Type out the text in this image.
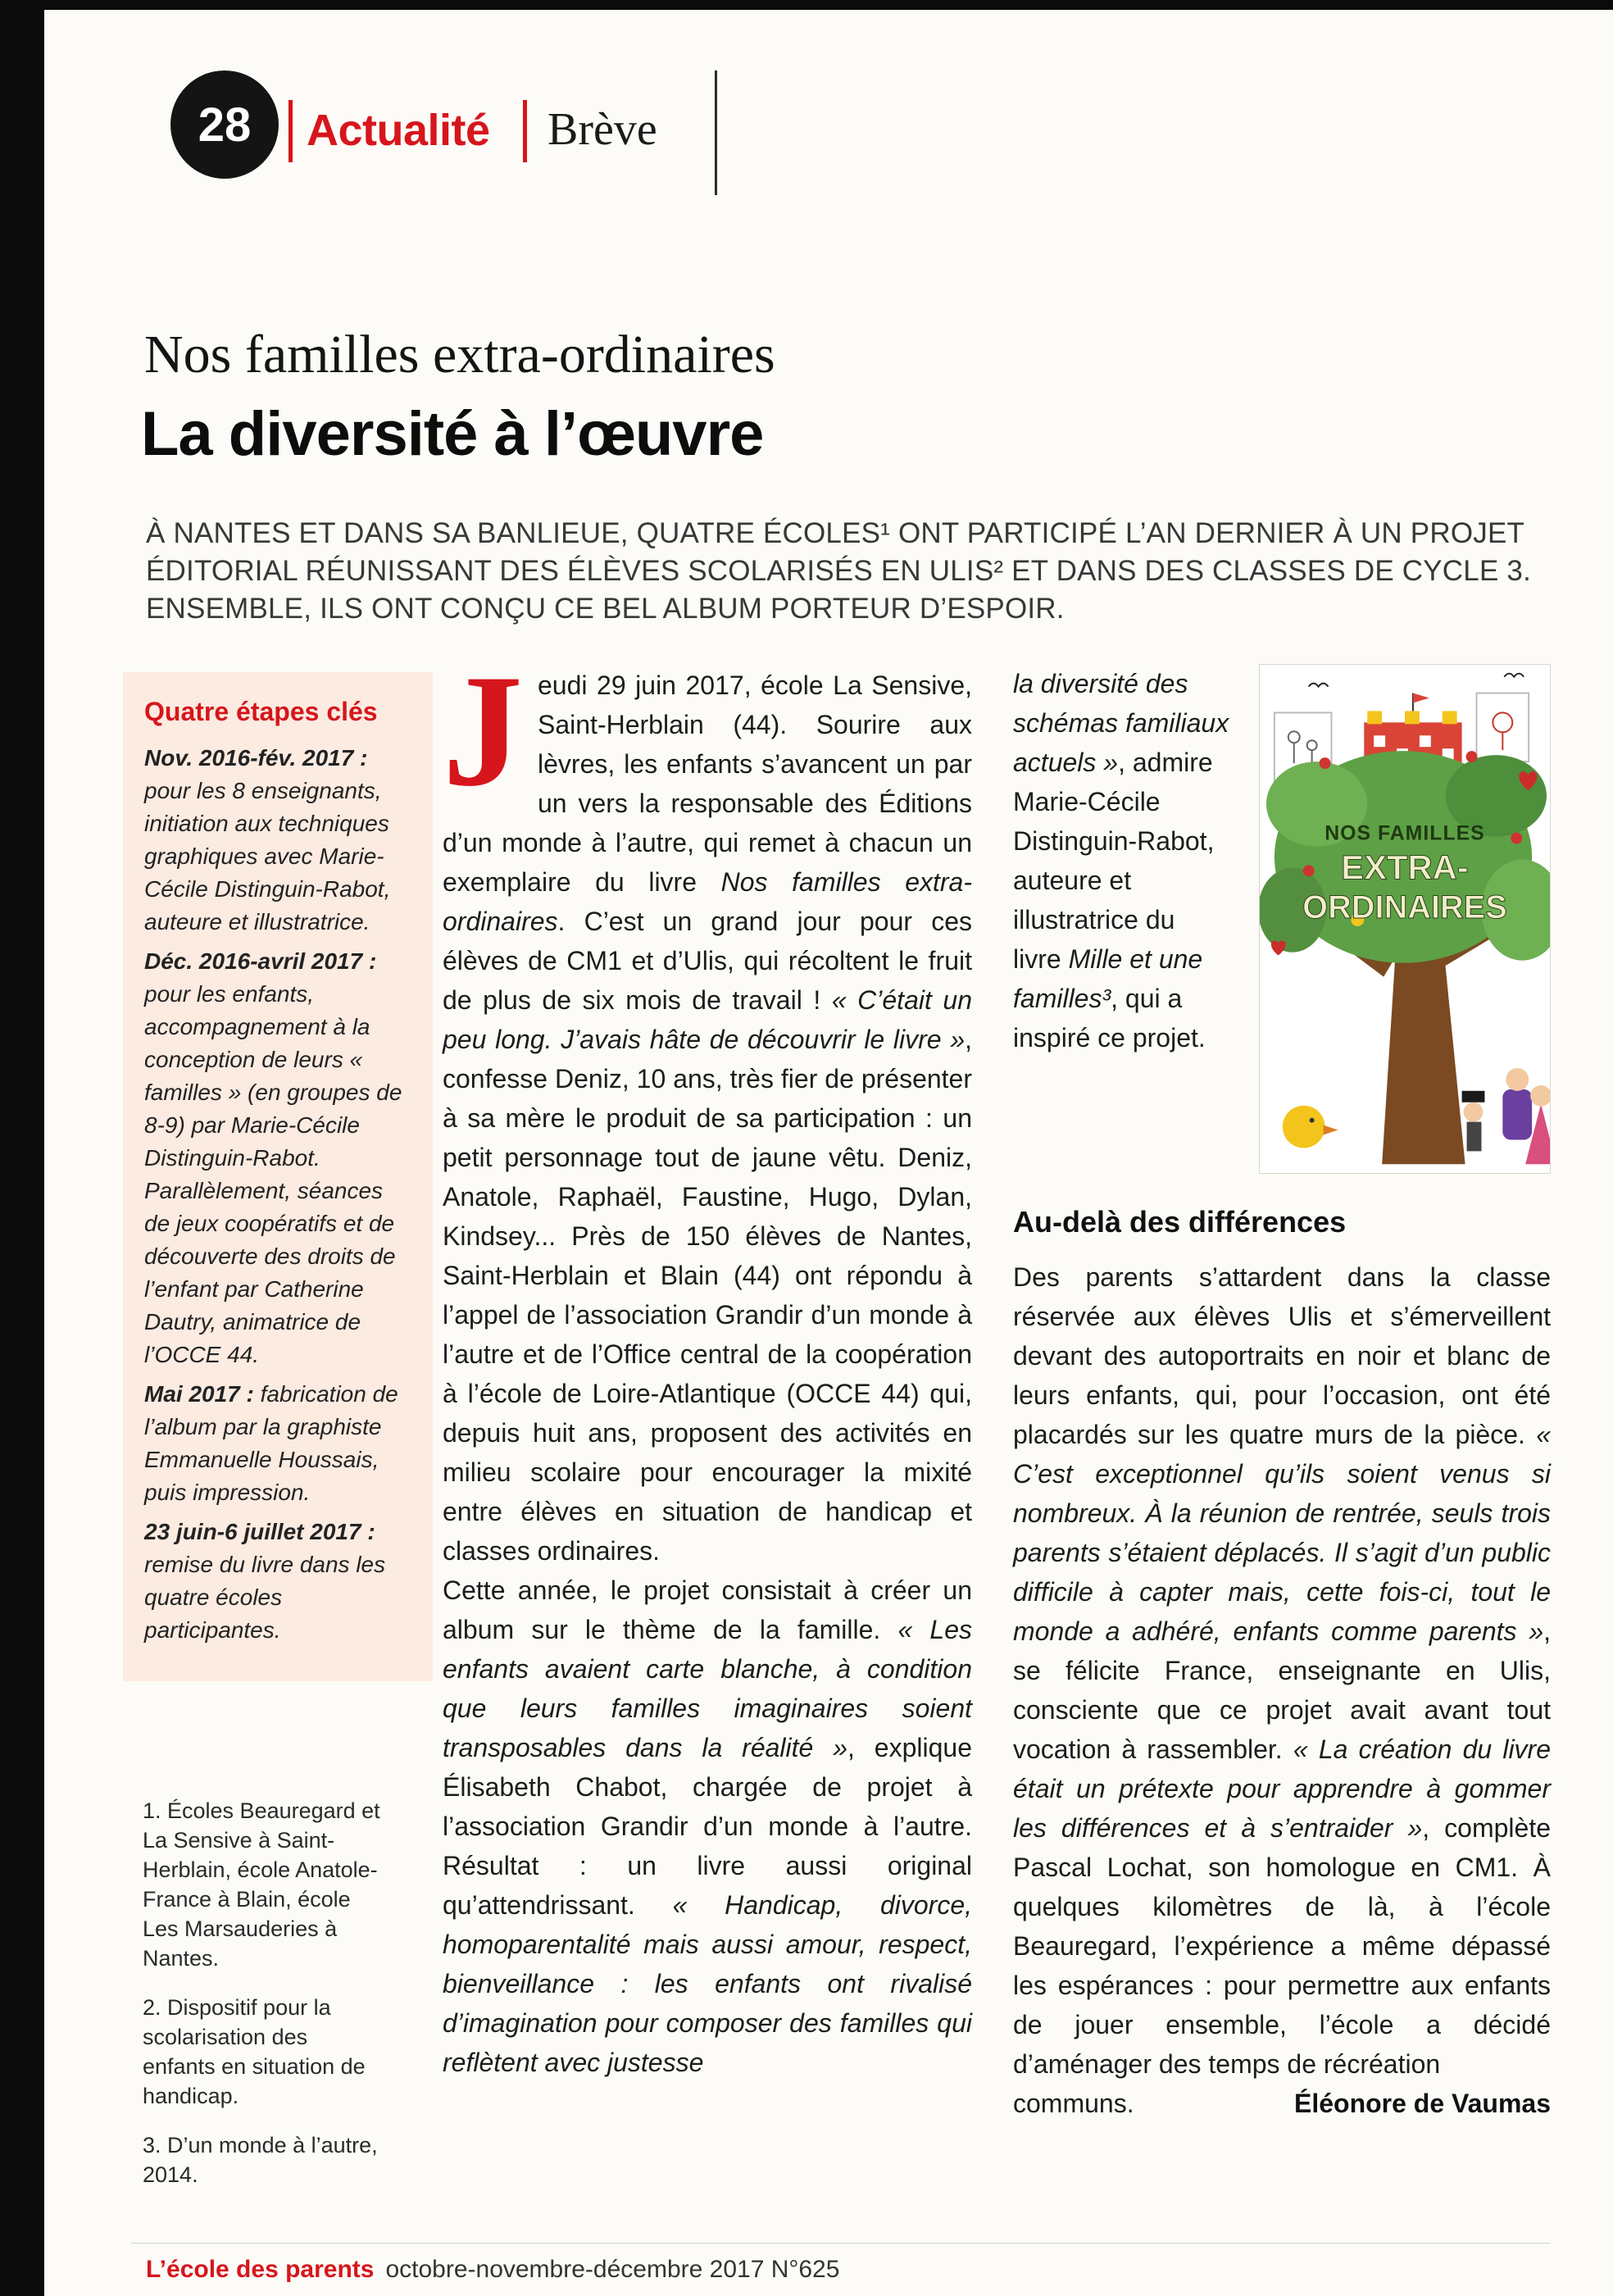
28	Actualité Brève
Nos familles extra-ordinaires
La diversité à l’œuvre

À NANTES ET DANS SA BANLIEUE, QUATRE ÉCOLES¹ ONT PARTICIPÉ L’AN DERNIER À UN PROJET ÉDITORIAL RÉUNISSANT DES ÉLÈVES SCOLARISÉS EN ULIS² ET DANS DES CLASSES DE CYCLE 3. ENSEMBLE, ILS ONT CONÇU CE BEL ALBUM PORTEUR D’ESPOIR.

Quatre étapes clés

Nov. 2016-fév. 2017 : pour les 8 enseignants, initiation aux techniques graphiques avec Marie-Cécile Distinguin-Rabot, auteure et illustratrice.

Déc. 2016-avril 2017 : pour les enfants, accompagnement à la conception de leurs « familles » (en groupes de 8-9) par Marie-Cécile Distinguin-Rabot. Parallèlement, séances de jeux coopératifs et de découverte des droits de l’enfant par Catherine Dautry, animatrice de l’OCCE 44.

Mai 2017 : fabrication de l’album par la graphiste Emmanuelle Houssais, puis impression.

23 juin-6 juillet 2017 : remise du livre dans les quatre écoles participantes.

1. Écoles Beauregard et La Sensive à Saint-Herblain, école Anatole-France à Blain, école Les Marsauderies à Nantes.

2. Dispositif pour la scolarisation des enfants en situation de handicap.

3. D’un monde à l’autre, 2014.

Jeudi 29 juin 2017, école La Sensive, Saint-Herblain (44). Sourire aux lèvres, les enfants s’avancent un par un vers la responsable des Éditions d’un monde à l’autre, qui remet à chacun un exemplaire du livre Nos familles extra-ordinaires. C’est un grand jour pour ces élèves de CM1 et d’Ulis, qui récoltent le fruit de plus de six mois de travail ! « C’était un peu long. J’avais hâte de découvrir le livre », confesse Deniz, 10 ans, très fier de présenter à sa mère le produit de sa participation : un petit personnage tout de jaune vêtu. Deniz, Anatole, Raphaël, Faustine, Hugo, Dylan, Kindsey... Près de 150 élèves de Nantes, Saint-Herblain et Blain (44) ont répondu à l’appel de l’association Grandir d’un monde à l’autre et de l’Office central de la coopération à l’école de Loire-Atlantique (OCCE 44) qui, depuis huit ans, proposent des activités en milieu scolaire pour encourager la mixité entre élèves en situation de handicap et classes ordinaires.

Cette année, le projet consistait à créer un album sur le thème de la famille. « Les enfants avaient carte blanche, à condition que leurs familles imaginaires soient transposables dans la réalité », explique Élisabeth Chabot, chargée de projet à l’association Grandir d’un monde à l’autre. Résultat : un livre aussi original qu’attendrissant. « Handicap, divorce, homoparentalité mais aussi amour, respect, bienveillance : les enfants ont rivalisé d’imagination pour composer des familles qui reflètent avec justesse

la diversité des schémas familiaux actuels », admire Marie-Cécile Distinguin-Rabot, auteure et illustratrice du livre Mille et une familles³, qui a inspiré ce projet.

NOS FAMILLES
EXTRA-
ORDINAIRES
Au-delà des différences

Des parents s’attardent dans la classe réservée aux élèves Ulis et s’émerveillent devant des autoportraits en noir et blanc de leurs enfants, qui, pour l’occasion, ont été placardés sur les quatre murs de la pièce. « C’est exceptionnel qu’ils soient venus si nombreux. À la réunion de rentrée, seuls trois parents s’étaient déplacés. Il s’agit d’un public difficile à capter mais, cette fois-ci, tout le monde a adhéré, enfants comme parents », se félicite France, enseignante en Ulis, consciente que ce projet avait avant tout vocation à rassembler. « La création du livre était un prétexte pour apprendre à gommer les différences et à s’entraider », complète Pascal Lochat, son homologue en CM1. À quelques kilomètres de là, à l’école Beauregard, l’expérience a même dépassé les espérances : pour permettre aux enfants de jouer ensemble, l’école a décidé d’aménager des temps de récréation

communs.	Éléonore de Vaumas
L’école des parents octobre-novembre-décembre 2017 N°625
